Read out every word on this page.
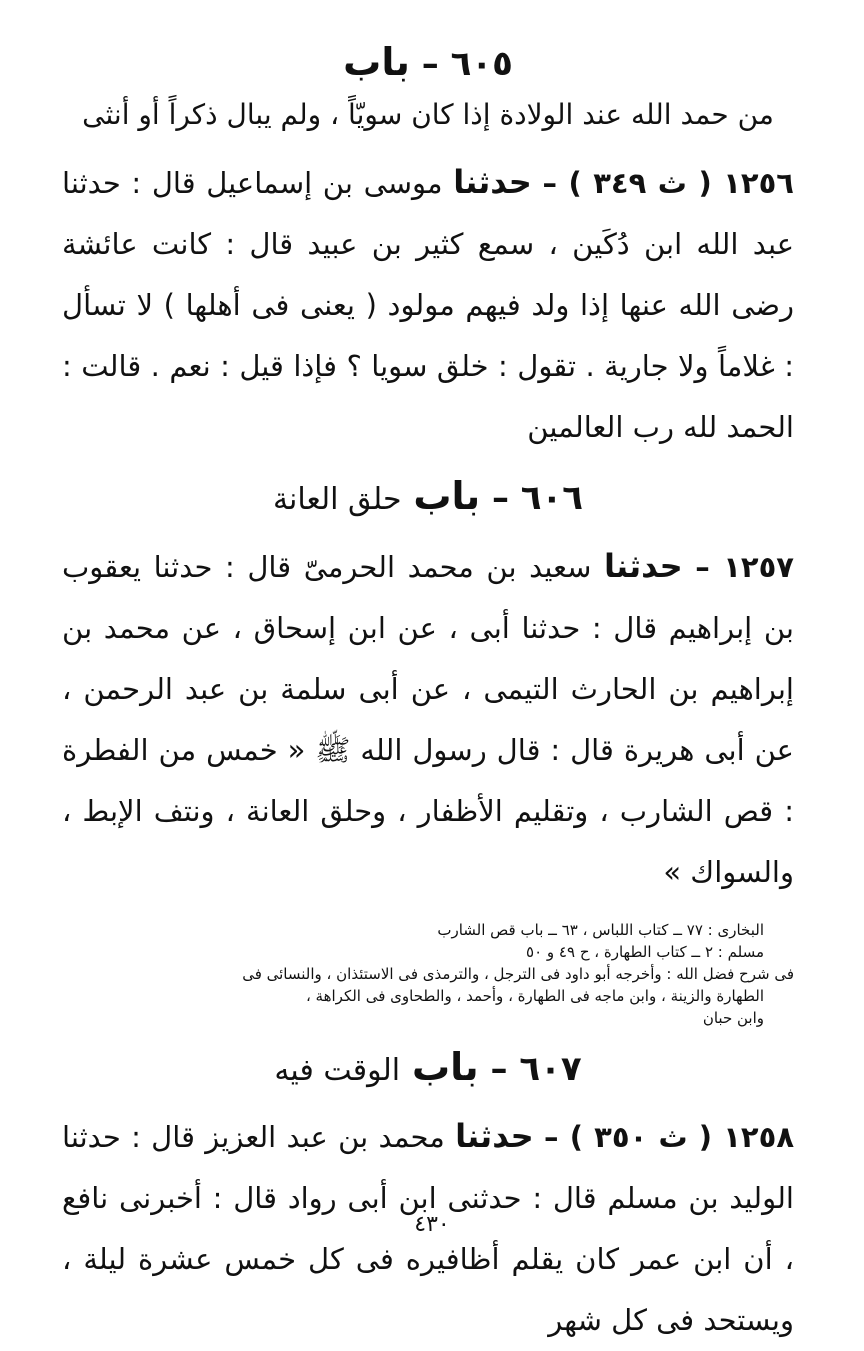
٦٠٥ – باب
من حمد الله عند الولادة إذا كان سويّاً ، ولم يبال ذكراً أو أنثى
١٢٥٦ ( ث ٣٤٩ ) – حدثنا موسى بن إسماعيل قال : حدثنا عبد الله ابن دُكَين ، سمع كثير بن عبيد قال : كانت عائشة رضى الله عنها إذا ولد فيهم مولود ( يعنى فى أهلها ) لا تسأل : غلاماً ولا جارية . تقول : خلق سويا ؟ فإذا قيل : نعم . قالت : الحمد لله رب العالمين
٦٠٦ – باب حلق العانة
١٢٥٧ – حدثنا سعيد بن محمد الحرمىّ قال : حدثنا يعقوب بن إبراهيم قال : حدثنا أبى ، عن ابن إسحاق ، عن محمد بن إبراهيم بن الحارث التيمى ، عن أبى سلمة بن عبد الرحمن ، عن أبى هريرة قال : قال رسول الله ﷺ « خمس من الفطرة : قص الشارب ، وتقليم الأظفار ، وحلق العانة ، ونتف الإبط ، والسواك »
البخارى : ٧٧ ــ كتاب اللباس ، ٦٣ ــ باب قص الشارب
مسلم : ٢ ــ كتاب الطهارة ، ح ٤٩ و ٥٠
فى شرح فضل الله : وأخرجه أبو داود فى الترجل ، والترمذى فى الاستئذان ، والنسائى فى
الطهارة والزينة ، وابن ماجه فى الطهارة ، وأحمد ، والطحاوى فى الكراهة ،
وابن حبان
٦٠٧ – باب الوقت فيه
١٢٥٨ ( ث ٣٥٠ ) – حدثنا محمد بن عبد العزيز قال : حدثنا الوليد بن مسلم قال : حدثنى ابن أبى رواد قال : أخبرنى نافع ، أن ابن عمر كان يقلم أظافيره فى كل خمس عشرة ليلة ، ويستحد فى كل شهر
٤٣٠
